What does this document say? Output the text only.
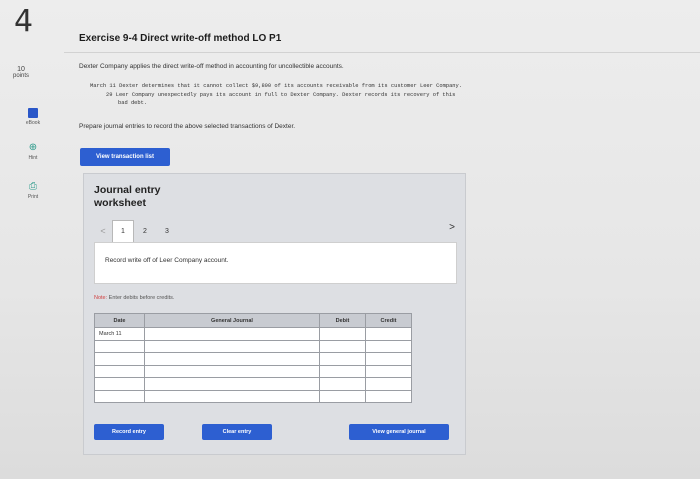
4	Exercise 9-4 Direct write-off method LO P1
10
points
eBook
⊕
Hint
⎙
Print
Dexter Company applies the direct write-off method in accounting for uncollectible accounts.
March 11 Dexter determines that it cannot collect $9,800 of its accounts receivable from its customer Leer Company.
29 Leer Company unexpectedly pays its account in full to Dexter Company. Dexter records its recovery of this
bad debt.
Prepare journal entries to record the above selected transactions of Dexter.
View transaction list
Journal entry
worksheet
<	1	2	3	>
Record write off of Leer Company account.
Note: Enter debits before credits.
Date	General Journal	Debit	Credit
March 11			

Record entry	Clear entry	View general journal
